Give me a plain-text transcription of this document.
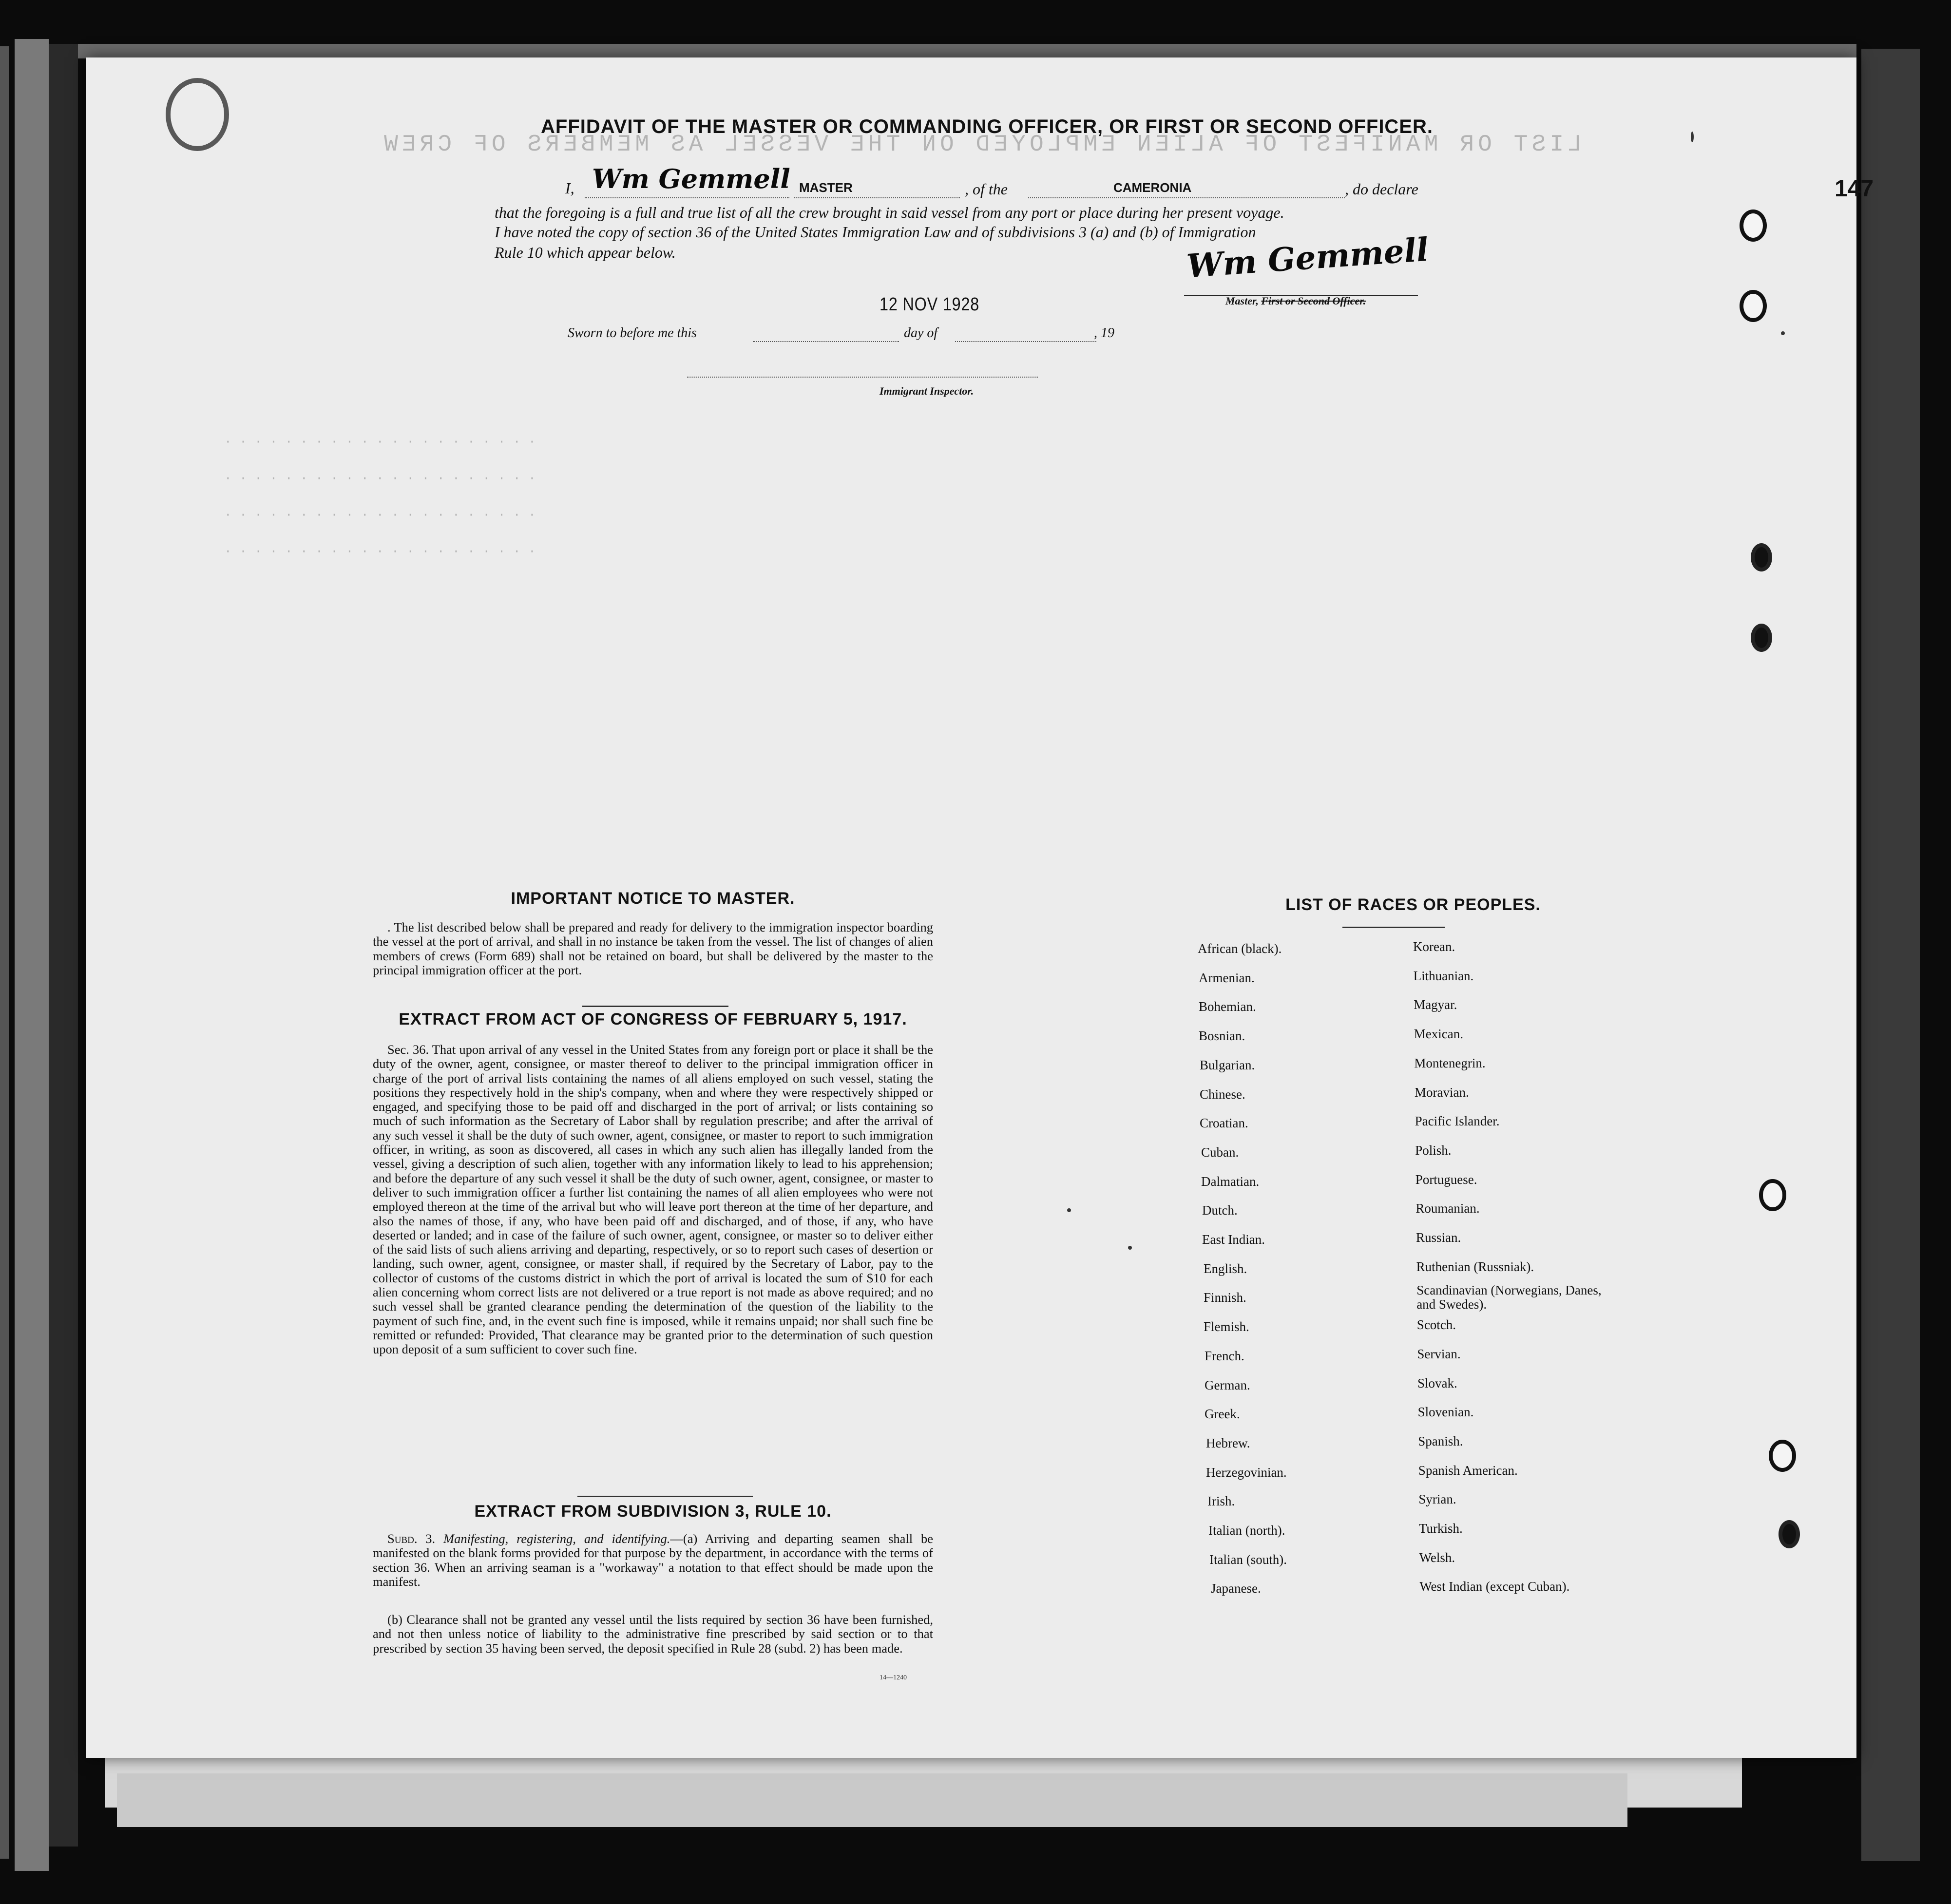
LIST OR MANIFEST OF ALIEN EMPLOYED ON THE VESSEL AS MEMBERS OF CREW
· · · · · · · · · · · · · · · · · · · · ·
· · · · · · · · · · · · · · · · · · · · ·
· · · · · · · · · · · · · · · · · · · · ·
· · · · · · · · · · · · · · · · · · · · ·
147
AFFIDAVIT OF THE MASTER OR COMMANDING OFFICER, OR FIRST OR SECOND OFFICER.
I, Wm Gemmell MASTER	, of the	CAMERONIA	, do declare
that the foregoing is a full and true list of all the crew brought in said vessel from any port or place during her present voyage.
I have noted the copy of section 36 of the United States Immigration Law and of subdivisions 3 (a) and (b) of Immigration
Rule 10 which appear below.	Wm Gemmell
Master, First or Second Officer.
12 NOV 1928
Sworn to before me this	day of	, 19
Immigrant Inspector.
IMPORTANT NOTICE TO MASTER.
. The list described below shall be prepared and ready for delivery to the immigration inspector boarding the vessel at the port of arrival, and shall in no instance be taken from the vessel. The list of changes of alien members of crews (Form 689) shall not be retained on board, but shall be delivered by the master to the principal immigration officer at the port.
EXTRACT FROM ACT OF CONGRESS OF FEBRUARY 5, 1917.
Sec. 36. That upon arrival of any vessel in the United States from any foreign port or place it shall be the duty of the owner, agent, consignee, or master thereof to deliver to the principal immigration officer in charge of the port of arrival lists containing the names of all aliens employed on such vessel, stating the positions they respectively hold in the ship's company, when and where they were respectively shipped or engaged, and specifying those to be paid off and discharged in the port of arrival; or lists containing so much of such information as the Secretary of Labor shall by regulation prescribe; and after the arrival of any such vessel it shall be the duty of such owner, agent, consignee, or master to report to such immigration officer, in writing, as soon as discovered, all cases in which any such alien has illegally landed from the vessel, giving a description of such alien, together with any information likely to lead to his apprehension; and before the departure of any such vessel it shall be the duty of such owner, agent, consignee, or master to deliver to such immigration officer a further list containing the names of all alien employees who were not employed thereon at the time of the arrival but who will leave port thereon at the time of her departure, and also the names of those, if any, who have been paid off and discharged, and of those, if any, who have deserted or landed; and in case of the failure of such owner, agent, consignee, or master so to deliver either of the said lists of such aliens arriving and departing, respectively, or so to report such cases of desertion or landing, such owner, agent, consignee, or master shall, if required by the Secretary of Labor, pay to the collector of customs of the customs district in which the port of arrival is located the sum of $10 for each alien concerning whom correct lists are not delivered or a true report is not made as above required; and no such vessel shall be granted clearance pending the determination of the question of the liability to the payment of such fine, and, in the event such fine is imposed, while it remains unpaid; nor shall such fine be remitted or refunded: Provided, That clearance may be granted prior to the determination of such question upon deposit of a sum sufficient to cover such fine.
EXTRACT FROM SUBDIVISION 3, RULE 10.
Subd. 3. Manifesting, registering, and identifying.—(a) Arriving and departing seamen shall be manifested on the blank forms provided for that purpose by the department, in accordance with the terms of section 36. When an arriving seaman is a "workaway" a notation to that effect should be made upon the manifest.
(b) Clearance shall not be granted any vessel until the lists required by section 36 have been furnished, and not then unless notice of liability to the administrative fine prescribed by said section or to that prescribed by section 35 having been served, the deposit specified in Rule 28 (subd. 2) has been made.
14—1240
LIST OF RACES OR PEOPLES.
African (black).
Armenian.
Bohemian.
Bosnian.
Bulgarian.
Chinese.
Croatian.
Cuban.
Dalmatian.
Dutch.
East Indian.
English.
Finnish.
Flemish.
French.
German.
Greek.
Hebrew.
Herzegovinian.
Irish.
Italian (north).
Italian (south).
Japanese.
Korean.
Lithuanian.
Magyar.
Mexican.
Montenegrin.
Moravian.
Pacific Islander.
Polish.
Portuguese.
Roumanian.
Russian.
Ruthenian (Russniak).
Scandinavian (Norwegians, Danes, and Swedes).
Scotch.
Servian.
Slovak.
Slovenian.
Spanish.
Spanish American.
Syrian.
Turkish.
Welsh.
West Indian (except Cuban).
